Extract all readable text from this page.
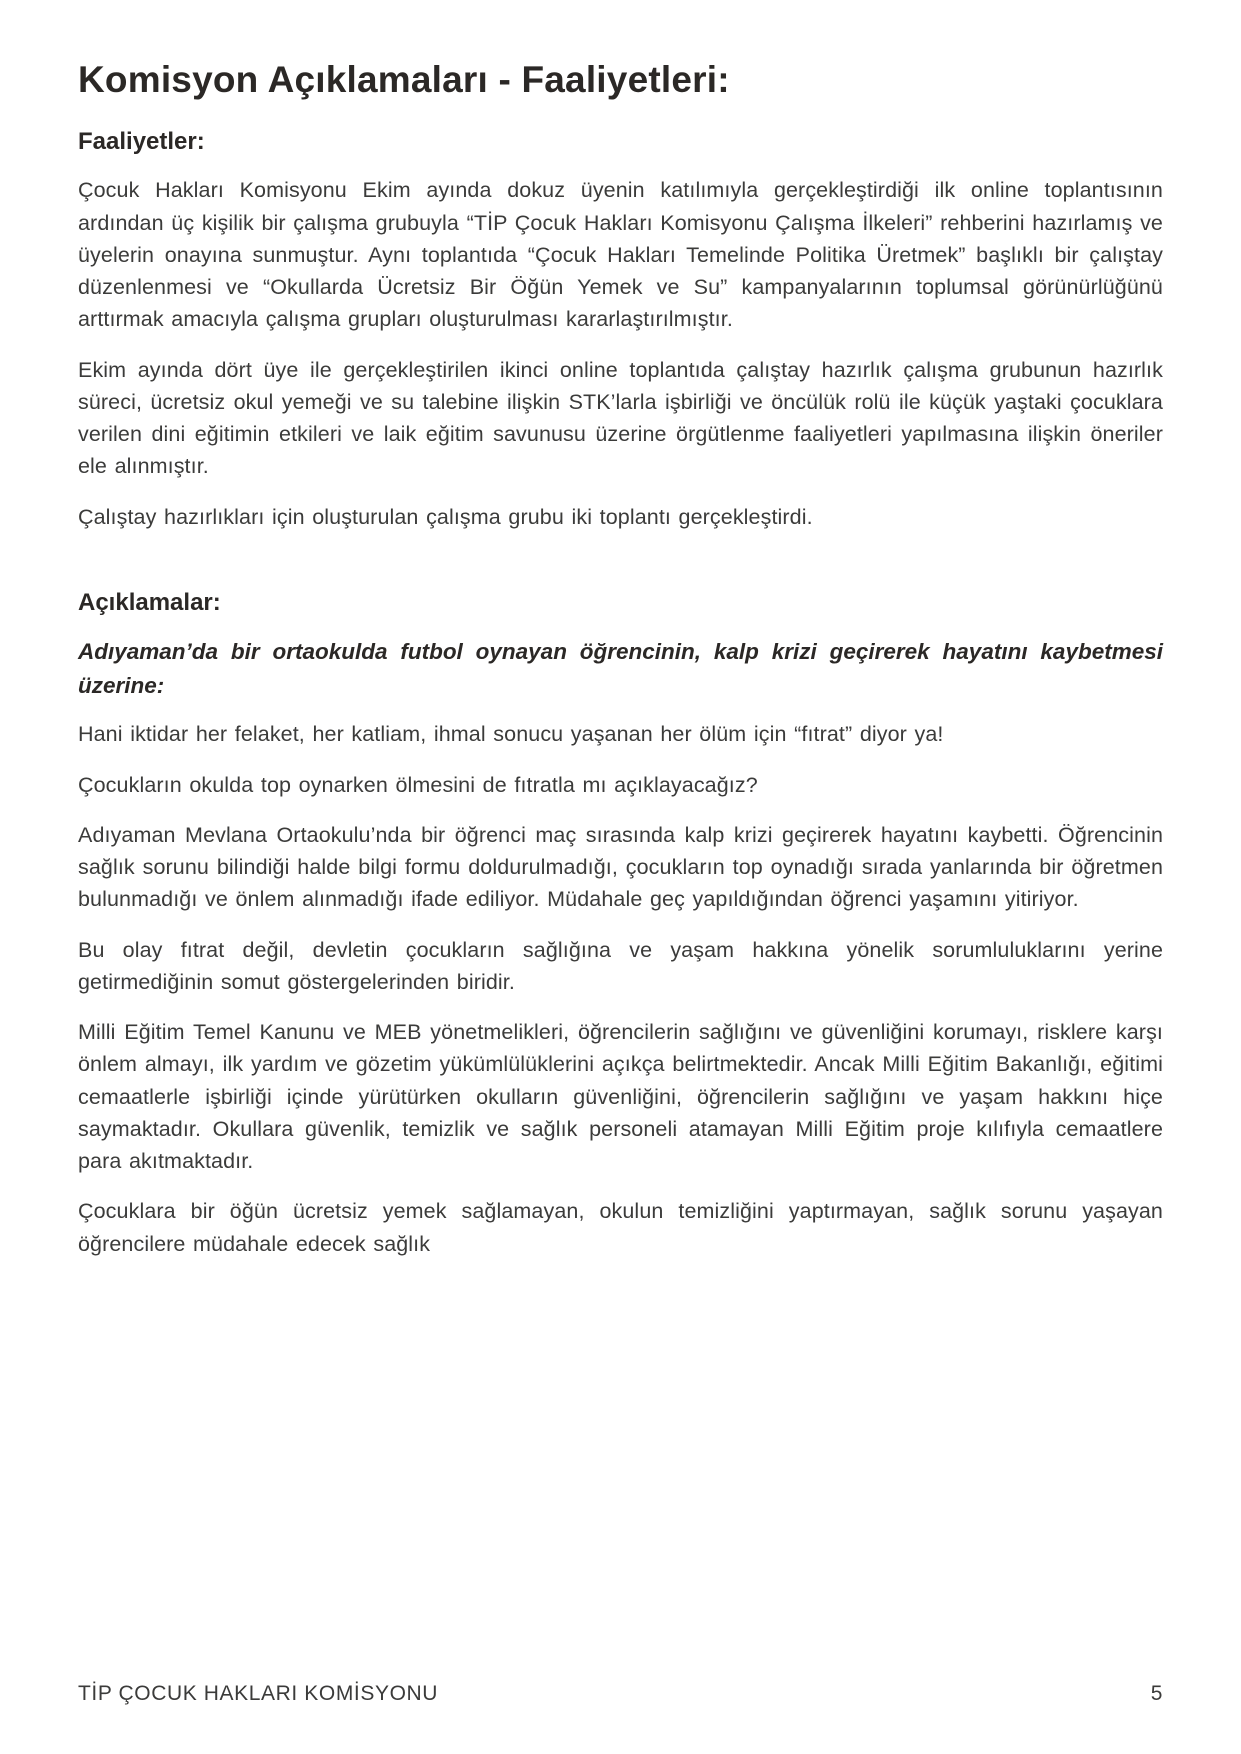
Komisyon Açıklamaları - Faaliyetleri:
Faaliyetler:

Çocuk Hakları Komisyonu Ekim ayında dokuz üyenin katılımıyla gerçekleştirdiği ilk online toplantısının ardından üç kişilik bir çalışma grubuyla “TİP Çocuk Hakları Komisyonu Çalışma İlkeleri” rehberini hazırlamış ve üyelerin onayına sunmuştur. Aynı toplantıda “Çocuk Hakları Temelinde Politika Üretmek” başlıklı bir çalıştay düzenlenmesi ve “Okullarda Ücretsiz Bir Öğün Yemek ve Su” kampanyalarının toplumsal görünürlüğünü arttırmak amacıyla çalışma grupları oluşturulması kararlaştırılmıştır.

Ekim ayında dört üye ile gerçekleştirilen ikinci online toplantıda çalıştay hazırlık çalışma grubunun hazırlık süreci, ücretsiz okul yemeği ve su talebine ilişkin STK’larla işbirliği ve öncülük rolü ile küçük yaştaki çocuklara verilen dini eğitimin etkileri ve laik eğitim savunusu üzerine örgütlenme faaliyetleri yapılmasına ilişkin öneriler ele alınmıştır.

Çalıştay hazırlıkları için oluşturulan çalışma grubu iki toplantı gerçekleştirdi.

Açıklamalar:
Adıyaman’da bir ortaokulda futbol oynayan öğrencinin, kalp krizi geçirerek hayatını kaybetmesi üzerine:

Hani iktidar her felaket, her katliam, ihmal sonucu yaşanan her ölüm için “fıtrat” diyor ya!

Çocukların okulda top oynarken ölmesini de fıtratla mı açıklayacağız?

Adıyaman Mevlana Ortaokulu’nda bir öğrenci maç sırasında kalp krizi geçirerek hayatını kaybetti. Öğrencinin sağlık sorunu bilindiği halde bilgi formu doldurulmadığı, çocukların top oynadığı sırada yanlarında bir öğretmen bulunmadığı ve önlem alınmadığı ifade ediliyor. Müdahale geç yapıldığından öğrenci yaşamını yitiriyor.

Bu olay fıtrat değil, devletin çocukların sağlığına ve yaşam hakkına yönelik sorumluluklarını yerine getirmediğinin somut göstergelerinden biridir.

Milli Eğitim Temel Kanunu ve MEB yönetmelikleri, öğrencilerin sağlığını ve güvenliğini korumayı, risklere karşı önlem almayı, ilk yardım ve gözetim yükümlülüklerini açıkça belirtmektedir. Ancak Milli Eğitim Bakanlığı, eğitimi cemaatlerle işbirliği içinde yürütürken okulların güvenliğini, öğrencilerin sağlığını ve yaşam hakkını hiçe saymaktadır. Okullara güvenlik, temizlik ve sağlık personeli atamayan Milli Eğitim proje kılıfıyla cemaatlere para akıtmaktadır.

Çocuklara bir öğün ücretsiz yemek sağlamayan, okulun temizliğini yaptırmayan, sağlık sorunu yaşayan öğrencilere müdahale edecek sağlık

TİP ÇOCUK HAKLARI KOMİSYONU	5
